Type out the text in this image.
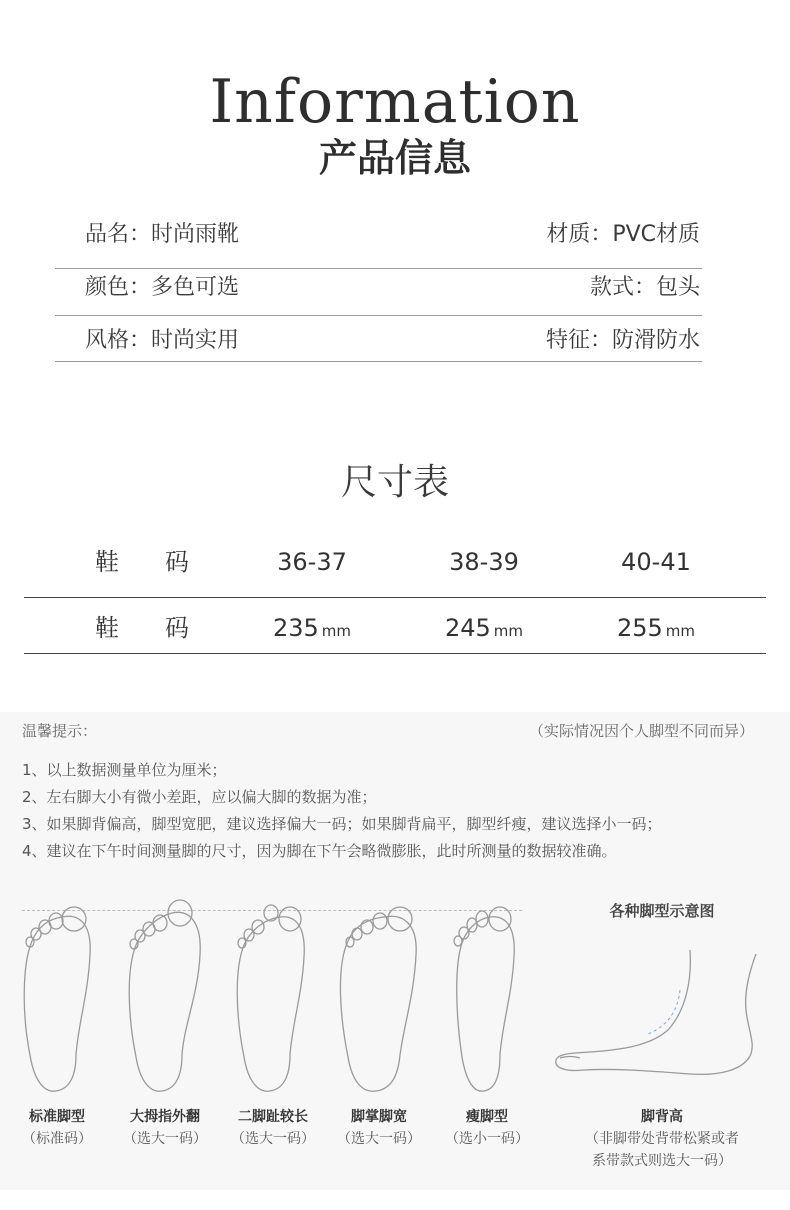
Information
产品信息
品名：时尚雨靴	材质：PVC材质
颜色：多色可选	款式：包头
风格：时尚实用	特征：防滑防水
尺寸表
鞋	码	36-37	38-39	40-41
鞋	码	235 mm	245 mm	255 mm
温馨提示：	（实际情况因个人脚型不同而异）
1、以上数据测量单位为厘米；
2、左右脚大小有微小差距，应以偏大脚的数据为准；
3、如果脚背偏高，脚型宽肥，建议选择偏大一码；如果脚背扁平，脚型纤瘦，建议选择小一码；
4、建议在下午时间测量脚的尺寸，因为脚在下午会略微膨胀，此时所测量的数据较准确。
标准脚型
（标准码）
大拇指外翻
（选大一码）
二脚趾较长
（选大一码）
脚掌脚宽
（选大一码）
瘦脚型
（选小一码）
各种脚型示意图
脚背高
（非脚带处背带松紧或者
系带款式则选大一码）
